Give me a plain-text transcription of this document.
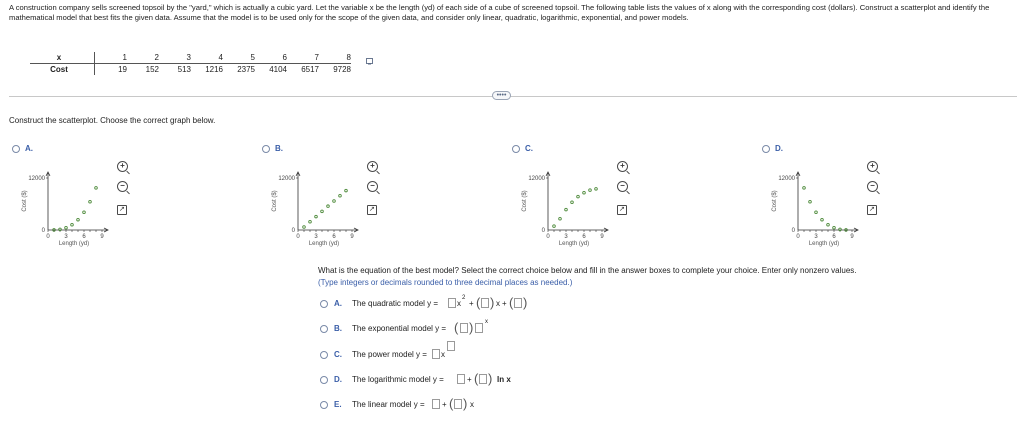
A construction company sells screened topsoil by the "yard," which is actually a cubic yard. Let the variable x be the length (yd) of each side of a cube of screened topsoil. The following table lists the values of x along with the corresponding cost (dollars). Construct a scatterplot and identify the mathematical model that best fits the given data. Assume that the model is to be used only for the scope of the given data, and consider only linear, quadratic, logarithmic, exponential, and power models.
x	1	2	3	4	5	6	7	8
Cost	19	152	513	1216	2375	4104	6517	9728
••••
Construct the scatterplot. Choose the correct graph below.
A.
0 3 6 9
12000
0
Length (yd)
Cost ($)
+
−
↗
B.
0 3 6 9
12000
0
Length (yd)
Cost ($)
+
−
↗
C.
0 3 6 9
12000
0
Length (yd)
Cost ($)
+
−
↗
D.
0 3 6 9
12000
0
Length (yd)
Cost ($)
+
−
↗
What is the equation of the best model? Select the correct choice below and fill in the answer boxes to complete your choice. Enter only nonzero values.
(Type integers or decimals rounded to three decimal places as needed.)
A. The quadratic model y = x
2
+ ( ) x + ( )
B. The exponential model y = ( ) x
C. The power model y = x
D. The logarithmic model y =	+ ( ) ln x
E. The linear model y = + ( ) x
